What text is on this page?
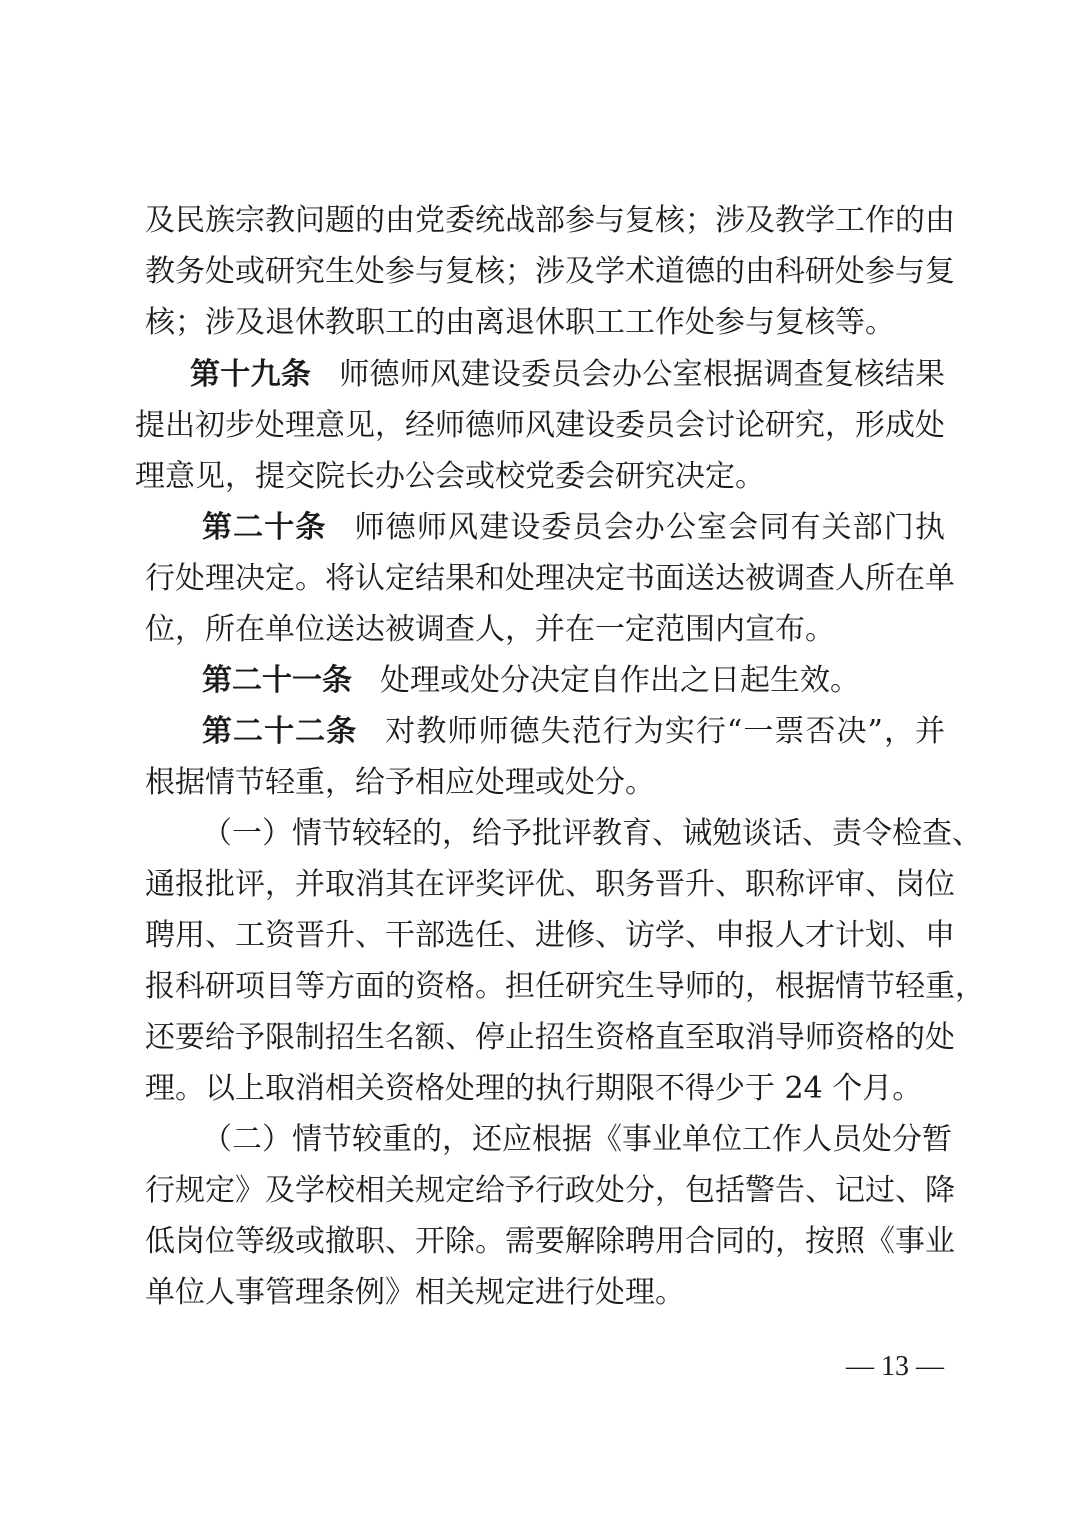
及民族宗教问题的由党委统战部参与复核；涉及教学工作的由
教务处或研究生处参与复核；涉及学术道德的由科研处参与复
核；涉及退休教职工的由离退休职工工作处参与复核等。
第十九条 师德师风建设委员会办公室根据调查复核结果
提出初步处理意见，经师德师风建设委员会讨论研究，形成处
理意见，提交院长办公会或校党委会研究决定。
第二十条 师德师风建设委员会办公室会同有关部门执
行处理决定。将认定结果和处理决定书面送达被调查人所在单
位，所在单位送达被调查人，并在一定范围内宣布。
第二十一条 处理或处分决定自作出之日起生效。
第二十二条 对教师师德失范行为实行“一票否决”，并
根据情节轻重，给予相应处理或处分。
（一）情节较轻的，给予批评教育、诫勉谈话、责令检查、
通报批评，并取消其在评奖评优、职务晋升、职称评审、岗位
聘用、工资晋升、干部选任、进修、访学、申报人才计划、申
报科研项目等方面的资格。担任研究生导师的，根据情节轻重，
还要给予限制招生名额、停止招生资格直至取消导师资格的处
理。以上取消相关资格处理的执行期限不得少于 24 个月。
（二）情节较重的，还应根据《事业单位工作人员处分暂
行规定》及学校相关规定给予行政处分，包括警告、记过、降
低岗位等级或撤职、开除。需要解除聘用合同的，按照《事业
单位人事管理条例》相关规定进行处理。
— 13 —
